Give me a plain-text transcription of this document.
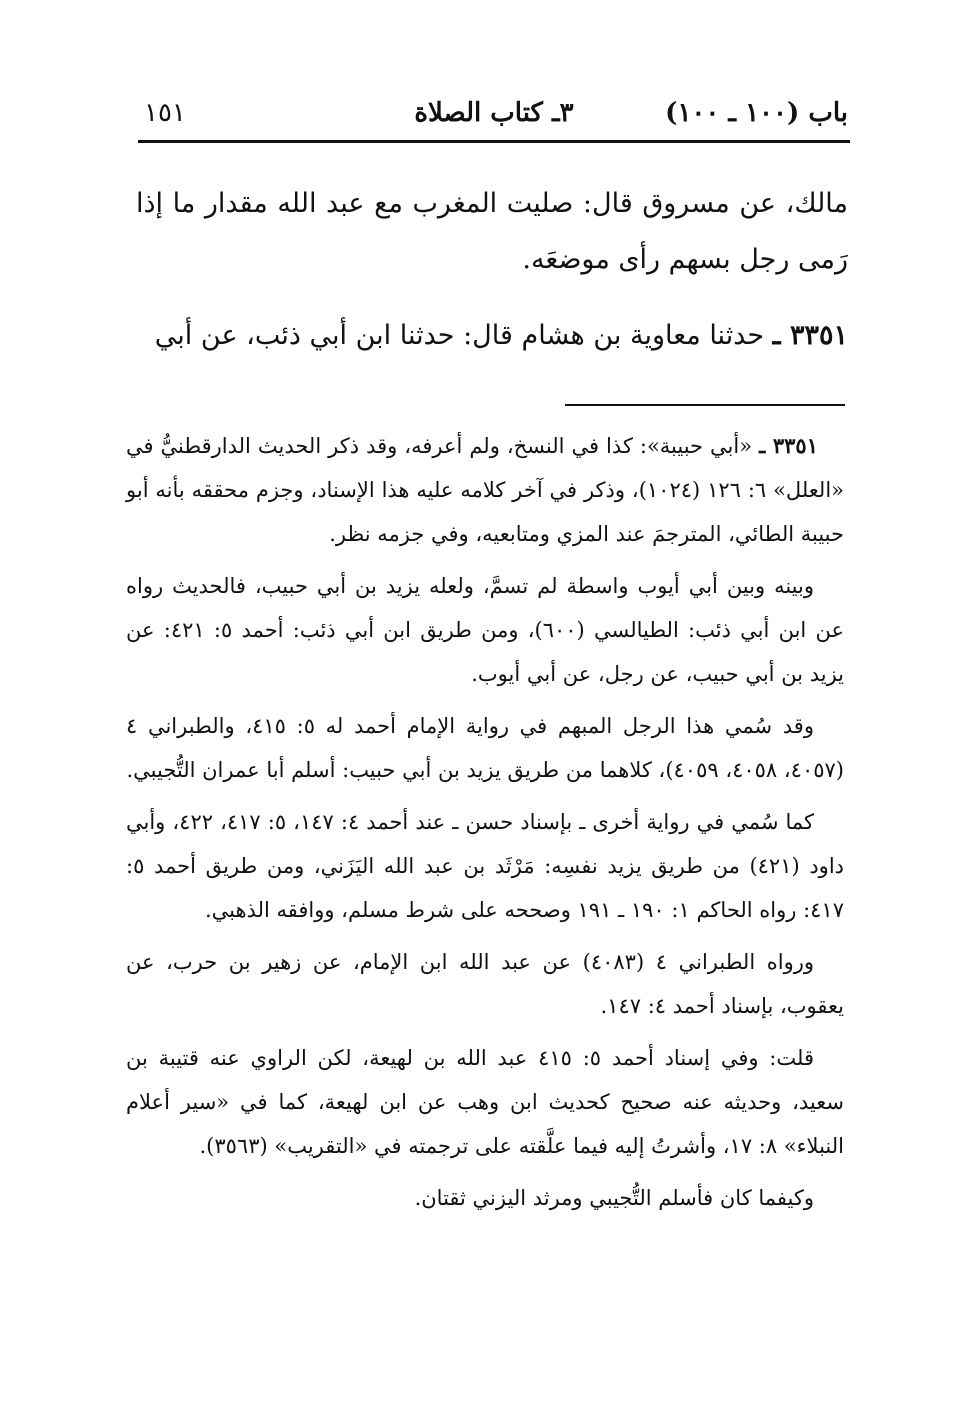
باب (١٠٠ ـ ١٠٠)
٣ـ كتاب الصلاة
١٥١

مالك، عن مسروق قال: صليت المغرب مع عبد الله مقدار ما إذا رَمى رجل بسهم رأى موضعَه.

٣٣٥١ ـ حدثنا معاوية بن هشام قال: حدثنا ابن أبي ذئب، عن أبي

٣٣٥١ ـ «أبي حبيبة»: كذا في النسخ، ولم أعرفه، وقد ذكر الحديث الدارقطنيُّ في «العلل» ٦: ١٢٦ (١٠٢٤)، وذكر في آخر كلامه عليه هذا الإسناد، وجزم محققه بأنه أبو حبيبة الطائي، المترجمَ عند المزي ومتابعيه، وفي جزمه نظر.

وبينه وبين أبي أيوب واسطة لم تسمَّ، ولعله يزيد بن أبي حبيب، فالحديث رواه عن ابن أبي ذئب: الطيالسي (٦٠٠)، ومن طريق ابن أبي ذئب: أحمد ٥: ٤٢١: عن يزيد بن أبي حبيب، عن رجل، عن أبي أيوب.

وقد سُمي هذا الرجل المبهم في رواية الإمام أحمد له ٥: ٤١٥، والطبراني ٤ (٤٠٥٧، ٤٠٥٨، ٤٠٥٩)، كلاهما من طريق يزيد بن أبي حبيب: أسلم أبا عمران التُّجيبي.

كما سُمي في رواية أخرى ـ بإسناد حسن ـ عند أحمد ٤: ١٤٧، ٥: ٤١٧، ٤٢٢، وأبي داود (٤٢١) من طريق يزيد نفسِه: مَرْثَد بن عبد الله اليَزَني، ومن طريق أحمد ٥: ٤١٧: رواه الحاكم ١: ١٩٠ ـ ١٩١ وصححه على شرط مسلم، ووافقه الذهبي.

ورواه الطبراني ٤ (٤٠٨٣) عن عبد الله ابن الإمام، عن زهير بن حرب، عن يعقوب، بإسناد أحمد ٤: ١٤٧.

قلت: وفي إسناد أحمد ٥: ٤١٥ عبد الله بن لهيعة، لكن الراوي عنه قتيبة بن سعيد، وحديثه عنه صحيح كحديث ابن وهب عن ابن لهيعة، كما في «سير أعلام النبلاء» ٨: ١٧، وأشرتُ إليه فيما علَّقته على ترجمته في «التقريب» (٣٥٦٣).

وكيفما كان فأسلم التُّجيبي ومرثد اليزني ثقتان.
